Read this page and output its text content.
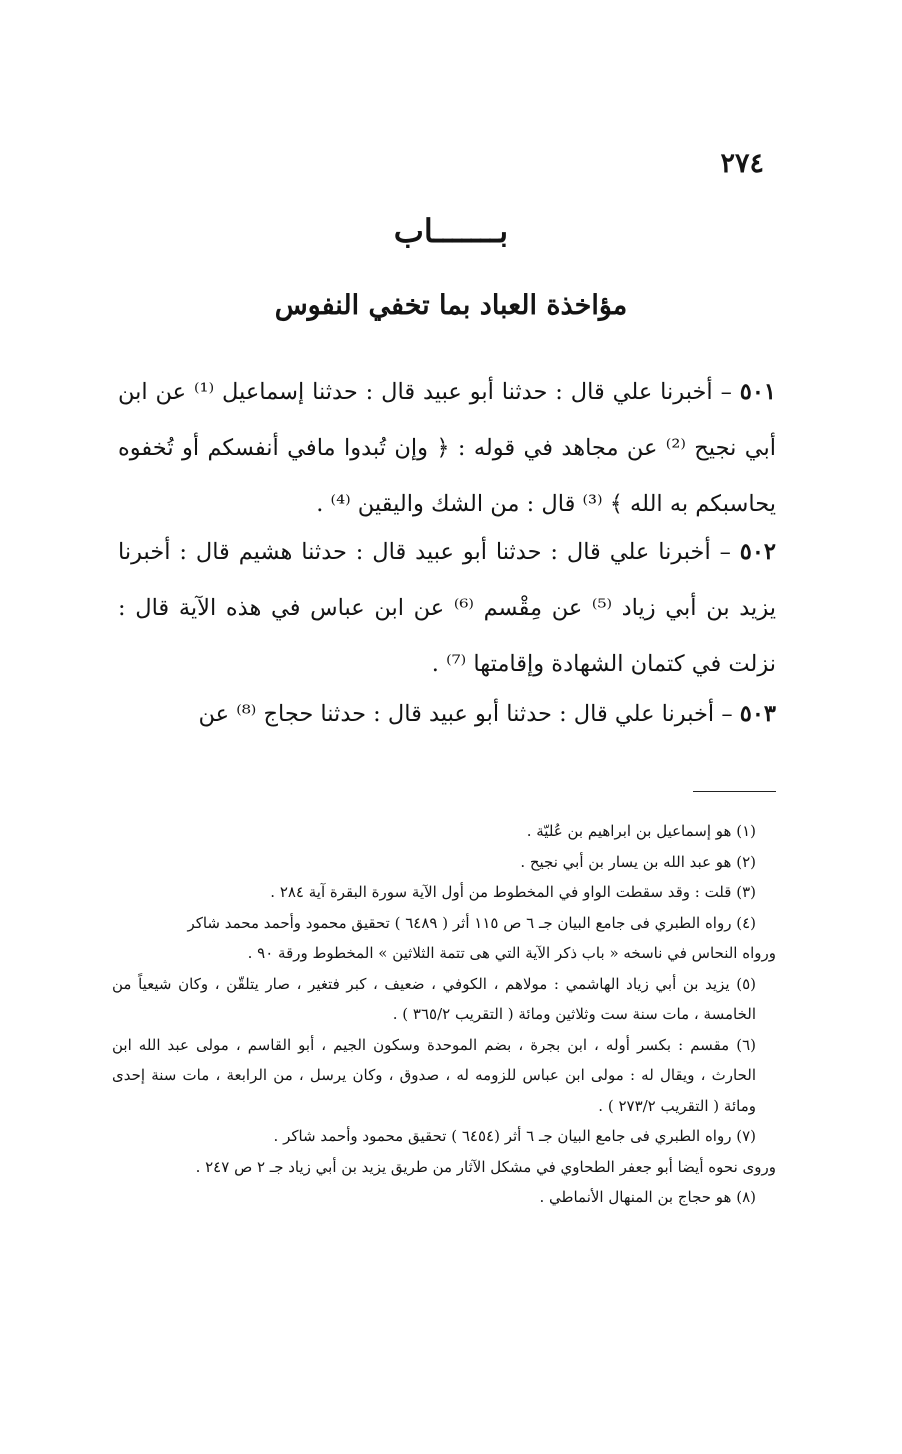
٢٧٤
بـــــــاب
مؤاخذة العباد بما تخفي النفوس
٥٠١ – أخبرنا علي قال : حدثنا أبو عبيد قال : حدثنا إسماعيل ⁽¹⁾ عن ابن أبي نجيح ⁽²⁾ عن مجاهد في قوله : ﴿ وإن تُبدوا مافي أنفسكم أو تُخفوه يحاسبكم به الله ﴾ ⁽³⁾ قال : من الشك واليقين ⁽⁴⁾ .
٥٠٢ – أخبرنا علي قال : حدثنا أبو عبيد قال : حدثنا هشيم قال : أخبرنا يزيد بن أبي زياد ⁽⁵⁾ عن مِقْسم ⁽⁶⁾ عن ابن عباس في هذه الآية قال : نزلت في كتمان الشهادة وإقامتها ⁽⁷⁾ .
٥٠٣ – أخبرنا علي قال : حدثنا أبو عبيد قال : حدثنا حجاج ⁽⁸⁾ عن
(١) هو إسماعيل بن ابراهيم بن عُليّة .
(٢) هو عبد الله بن يسار بن أبي نجيح .
(٣) قلت : وقد سقطت الواو في المخطوط من أول الآية سورة البقرة آية ٢٨٤ .
(٤) رواه الطبري فى جامع البيان جـ ٦ ص ١١٥ أثر ( ٦٤٨٩ ) تحقيق محمود وأحمد محمد شاكر
ورواه النحاس في ناسخه « باب ذكر الآية التي هى تتمة الثلاثين » المخطوط ورقة ٩٠ .
(٥) يزيد بن أبي زياد الهاشمي : مولاهم ، الكوفي ، ضعيف ، كبر فتغير ، صار يتلقّن ، وكان شيعياً من الخامسة ، مات سنة ست وثلاثين ومائة ( التقريب ٣٦٥/٢ ) .
(٦) مقسم : بكسر أوله ، ابن بجرة ، بضم الموحدة وسكون الجيم ، أبو القاسم ، مولى عبد الله ابن الحارث ، ويقال له : مولى ابن عباس للزومه له ، صدوق ، وكان يرسل ، من الرابعة ، مات سنة إحدى ومائة ( التقريب ٢٧٣/٢ ) .
(٧) رواه الطبري فى جامع البيان جـ ٦ أثر (٦٤٥٤ ) تحقيق محمود وأحمد شاكر .
وروى نحوه أيضا أبو جعفر الطحاوي في مشكل الآثار من طريق يزيد بن أبي زياد جـ ٢ ص ٢٤٧ .
(٨) هو حجاج بن المنهال الأنماطي .
